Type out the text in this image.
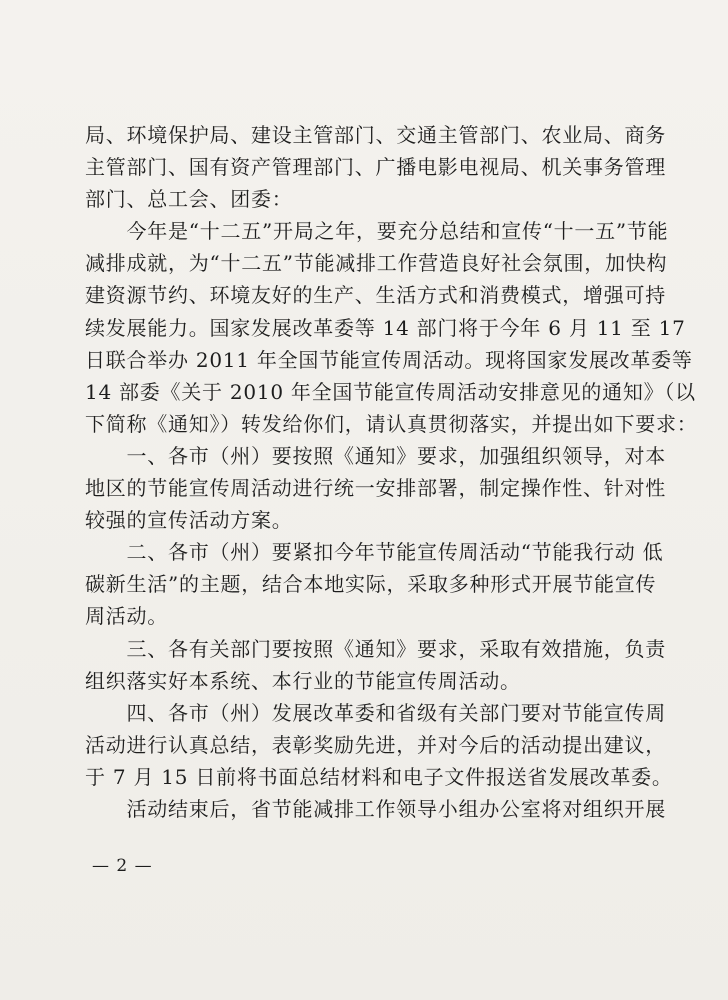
局、环境保护局、建设主管部门、交通主管部门、农业局、商务
主管部门、国有资产管理部门、广播电影电视局、机关事务管理
部门、总工会、团委：
　　今年是“十二五”开局之年，要充分总结和宣传“十一五”节能
减排成就，为“十二五”节能减排工作营造良好社会氛围，加快构
建资源节约、环境友好的生产、生活方式和消费模式，增强可持
续发展能力。国家发展改革委等 14 部门将于今年 6 月 11 至 17
日联合举办 2011 年全国节能宣传周活动。现将国家发展改革委等
14 部委《关于 2010 年全国节能宣传周活动安排意见的通知》（以
下简称《通知》）转发给你们，请认真贯彻落实，并提出如下要求：
　　一、各市（州）要按照《通知》要求，加强组织领导，对本
地区的节能宣传周活动进行统一安排部署，制定操作性、针对性
较强的宣传活动方案。
　　二、各市（州）要紧扣今年节能宣传周活动“节能我行动 低
碳新生活”的主题，结合本地实际，采取多种形式开展节能宣传
周活动。
　　三、各有关部门要按照《通知》要求，采取有效措施，负责
组织落实好本系统、本行业的节能宣传周活动。
　　四、各市（州）发展改革委和省级有关部门要对节能宣传周
活动进行认真总结，表彰奖励先进，并对今后的活动提出建议，
于 7 月 15 日前将书面总结材料和电子文件报送省发展改革委。
　　活动结束后，省节能减排工作领导小组办公室将对组织开展
— 2 —
